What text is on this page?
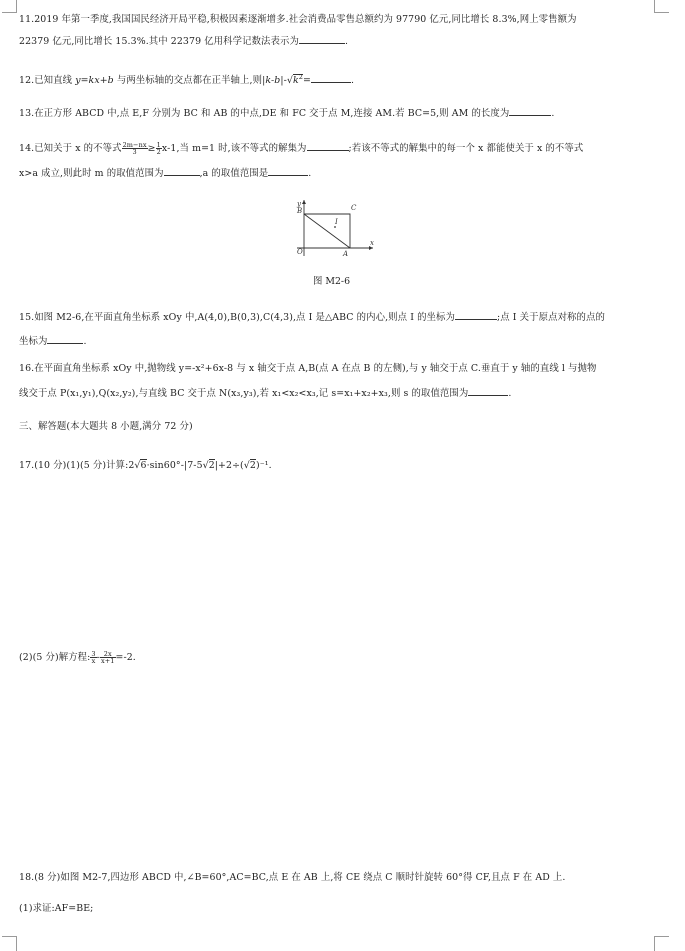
11.2019 年第一季度,我国国民经济开局平稳,积极因素逐渐增多.社会消费品零售总额约为 97790 亿元,同比增长 8.3%,网上零售额为
22379 亿元,同比增长 15.3%.其中 22379 亿用科学记数法表示为	.
12.已知直线 y=kx+b 与两坐标轴的交点都在正半轴上,则$|k-b|-√k^2=$	.
13.在正方形 ABCD 中,点 E,F 分别为 BC 和 AB 的中点,DE 和 FC 交于点 M,连接 AM.若 BC=5,则 AM 的长度为	.
14.已知关于 x 的不等式 $\frac{2m-nx}{3} \ge \frac{1}{2} x-1$,当 m=1 时,该不等式的解集为	;若该不等式的解集中的每一个 x 都能使关于 x 的不等式
x>a 成立,则此时 m 的取值范围为	,a 的取值范围是	.
x
y
O	A
B	C
I
图 M2-6
15.如图 M2-6,在平面直角坐标系 xOy 中,A(4,0),B(0,3),C(4,3),点 I 是△ABC 的内心,则点 I 的坐标为	;点 I 关于原点对称的点的
坐标为	.
16.在平面直角坐标系 xOy 中,抛物线 y=-x²+6x-8 与 x 轴交于点 A,B(点 A 在点 B 的左侧),与 y 轴交于点 C.垂直于 y 轴的直线 l 与抛物
线交于点 P(x₁,y₁),Q(x₂,y₂),与直线 BC 交于点 N(x₃,y₃),若 x₁<x₂<x₃,记 s=x₁+x₂+x₃,则 s 的取值范围为	.
三、解答题(本大题共 8 小题,满分 72 分)
17.(10 分)(1)(5 分)计算:2√6·sin60°-|7-5√2|+2÷(√2)⁻¹.
(2)(5 分)解方程: $\frac{3}{x} - \frac{2x}{x+1} =-2$.
18.(8 分)如图 M2-7,四边形 ABCD 中,∠B=60°,AC=BC,点 E 在 AB 上,将 CE 绕点 C 顺时针旋转 60°得 CF,且点 F 在 AD 上.
(1)求证:AF=BE;
